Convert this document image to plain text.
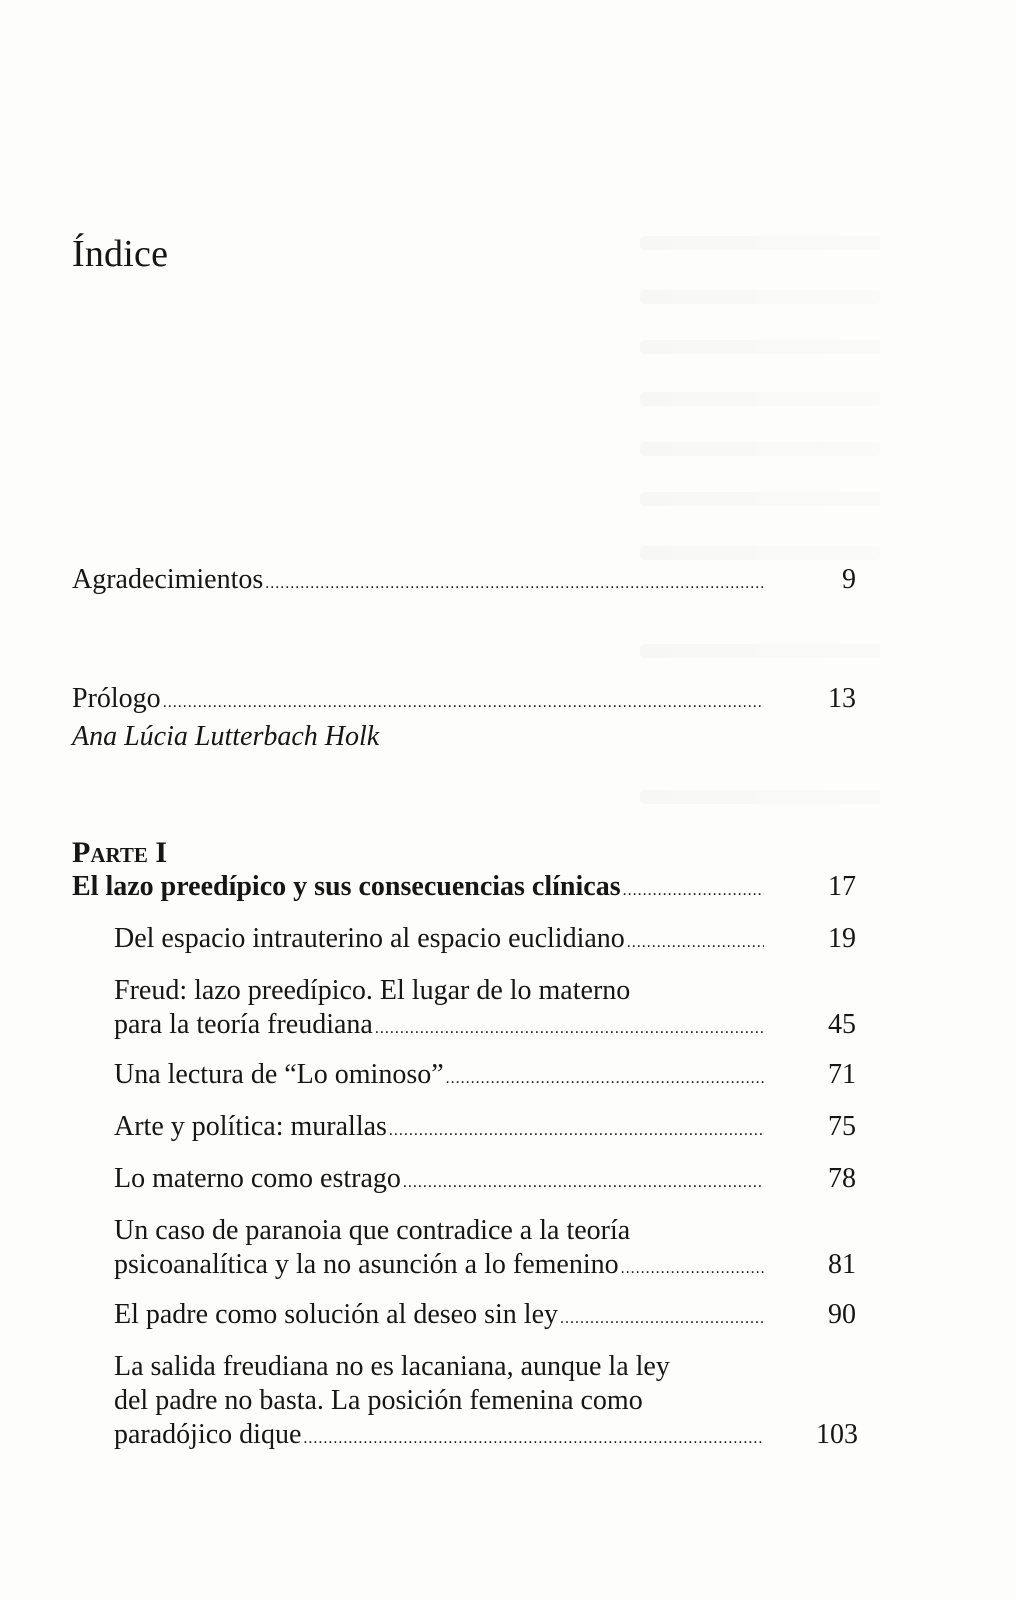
Índice
Agradecimientos .....	9
Prólogo .....	13
Ana Lúcia Lutterbach Holk
Parte I
El lazo preedípico y sus consecuencias clínicas .....	17
Del espacio intrauterino al espacio euclidiano .....	19
Freud: lazo preedípico. El lugar de lo materno
para la teoría freudiana .....	45
Una lectura de “Lo ominoso” .....	71
Arte y política: murallas .....	75
Lo materno como estrago .....	78
Un caso de paranoia que contradice a la teoría
psicoanalítica y la no asunción a lo femenino .....	81
El padre como solución al deseo sin ley .....	90
La salida freudiana no es lacaniana, aunque la ley
del padre no basta. La posición femenina como
paradójico dique .....	103
